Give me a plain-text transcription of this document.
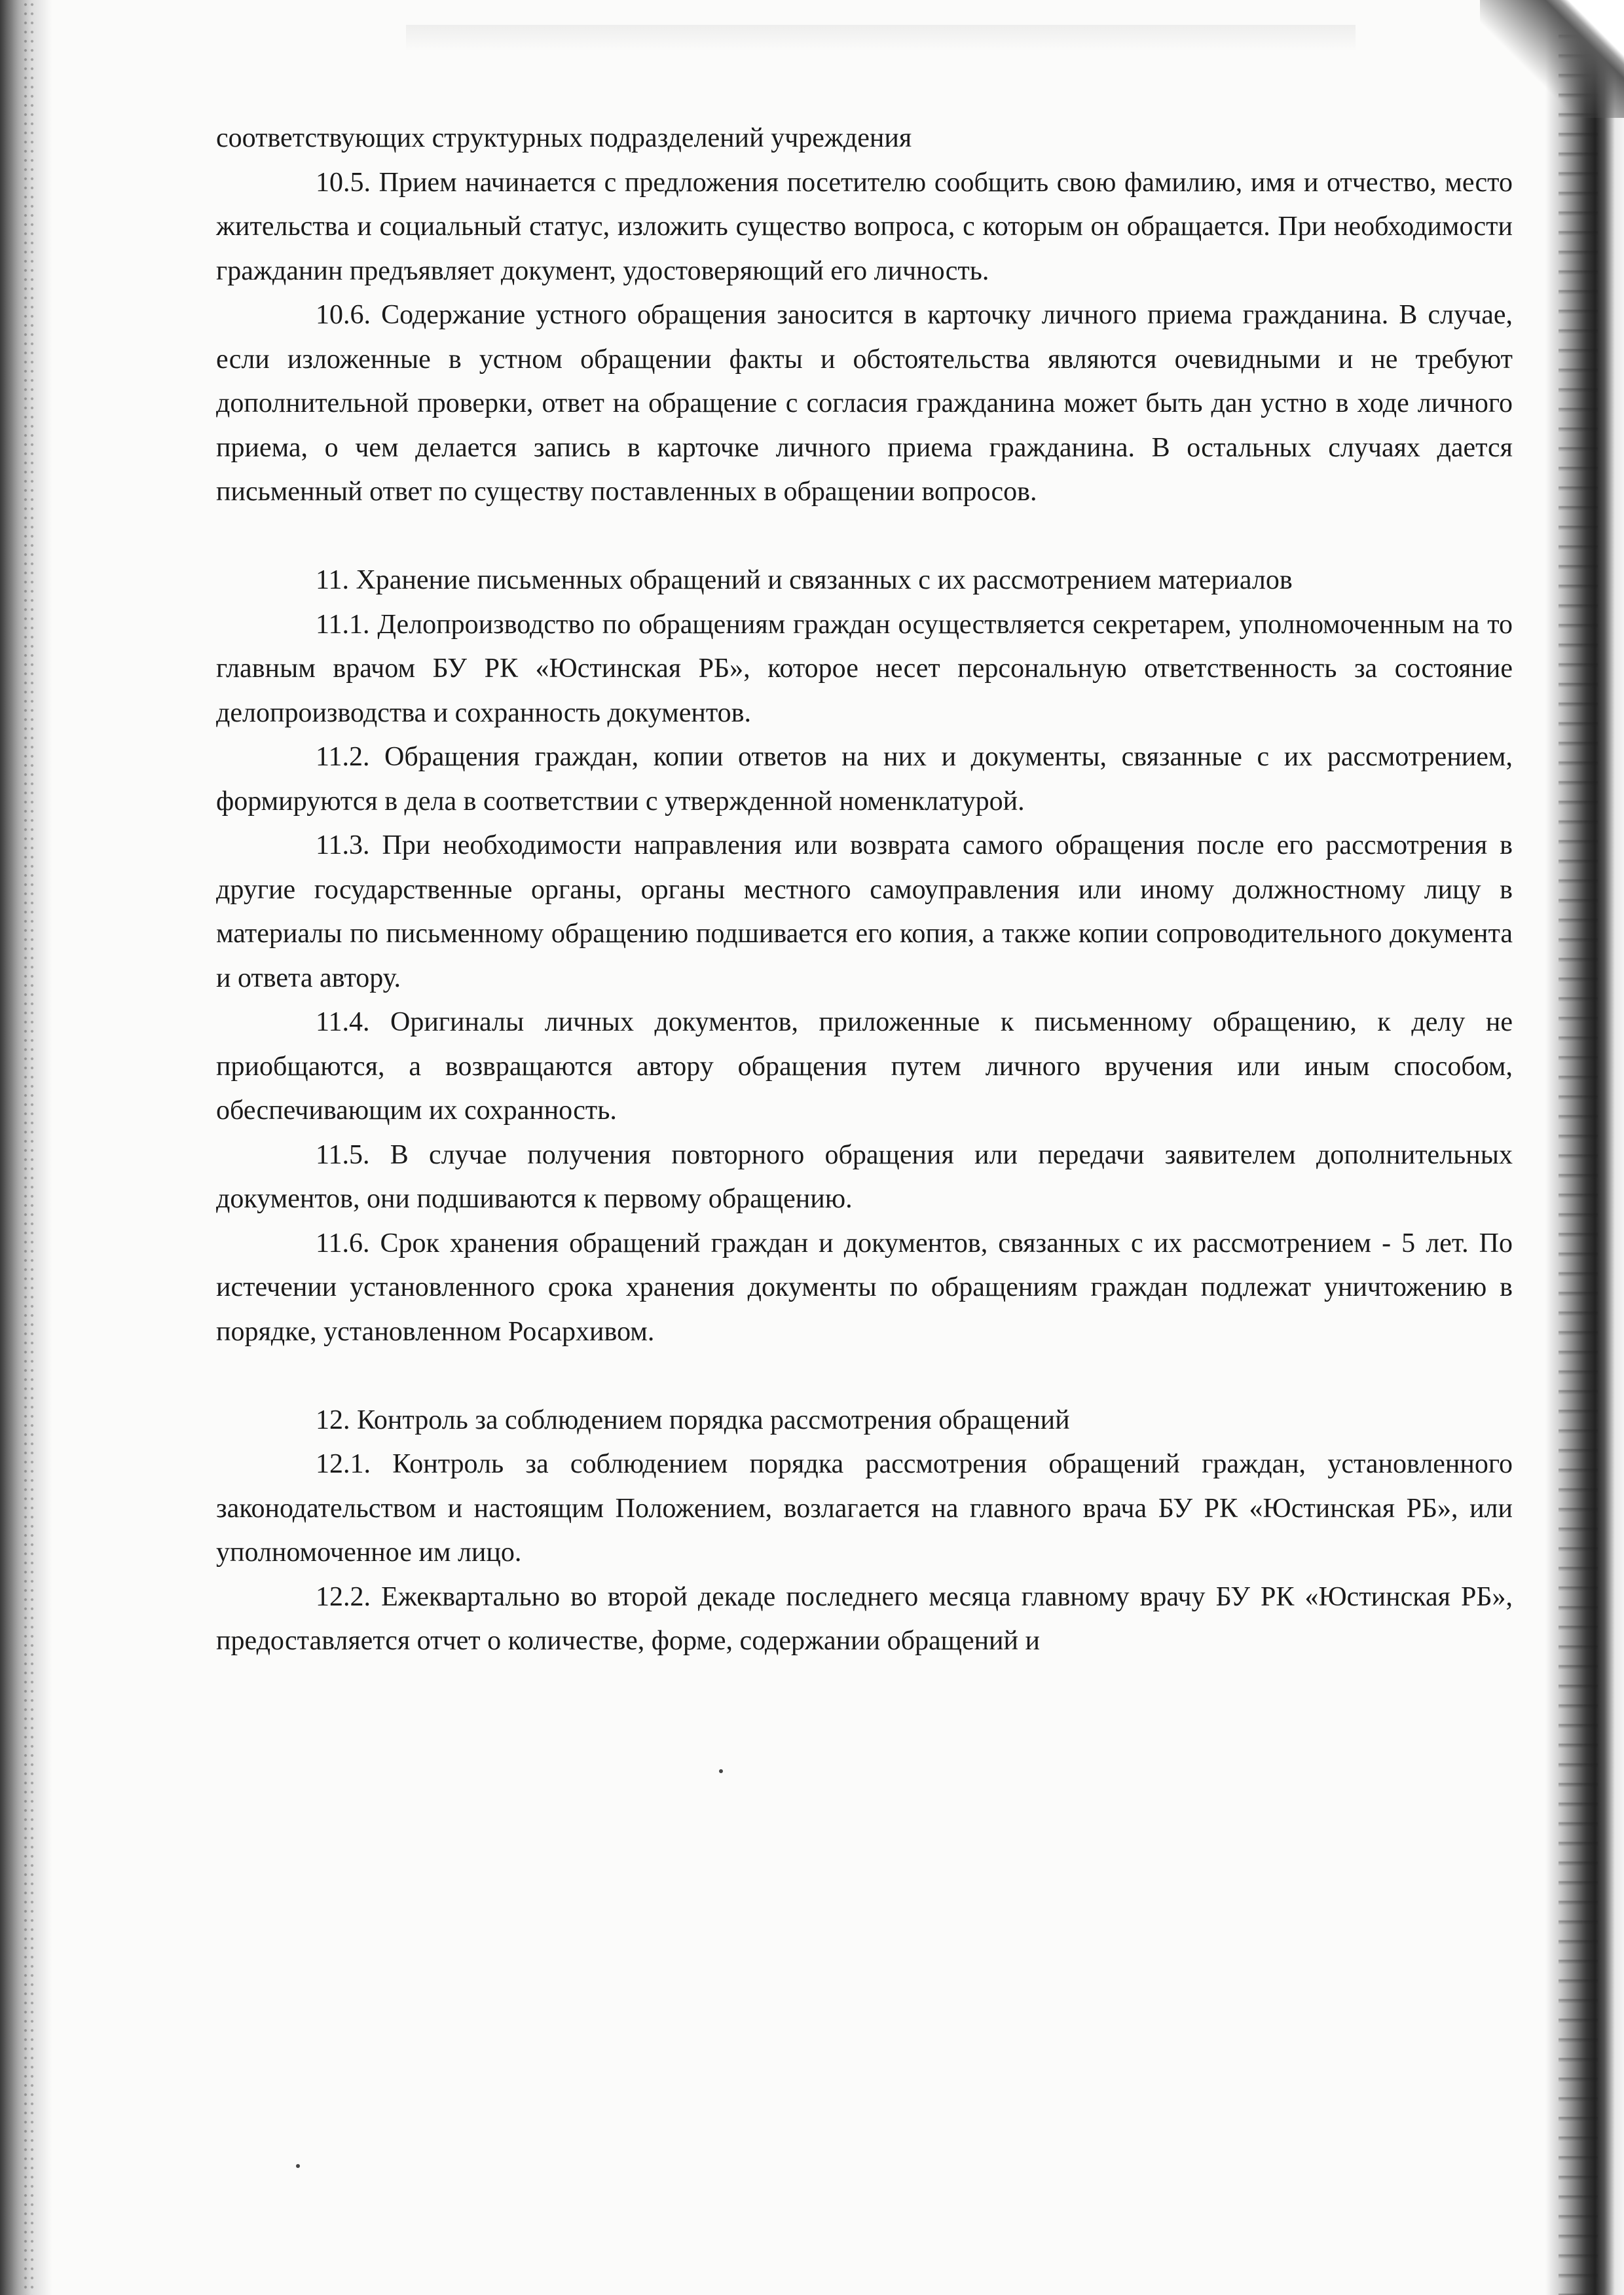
соответствующих структурных подразделений учреждения

10.5. Прием начинается с предложения посетителю сообщить свою фамилию, имя и отчество, место жительства и социальный статус, изложить существо вопроса, с которым он обращается. При необходимости гражданин предъявляет документ, удостоверяющий его личность.

10.6. Содержание устного обращения заносится в карточку личного приема гражданина. В случае, если изложенные в устном обращении факты и обстоятельства являются очевидными и не требуют дополнительной проверки, ответ на обращение с согласия гражданина может быть дан устно в ходе личного приема, о чем делается запись в карточке личного приема гражданина. В остальных случаях дается письменный ответ по существу поставленных в обращении вопросов.

11. Хранение письменных обращений и связанных с их рассмотрением материалов

11.1. Делопроизводство по обращениям граждан осуществляется секретарем, уполномоченным на то главным врачом БУ РК «Юстинская РБ», которое несет персональную ответственность за состояние делопроизводства и сохранность документов.

11.2. Обращения граждан, копии ответов на них и документы, связанные с их рассмотрением, формируются в дела в соответствии с утвержденной номенклатурой.

11.3. При необходимости направления или возврата самого обращения после его рассмотрения в другие государственные органы, органы местного самоуправления или иному должностному лицу в материалы по письменному обращению подшивается его копия, а также копии сопроводительного документа и ответа автору.

11.4. Оригиналы личных документов, приложенные к письменному обращению, к делу не приобщаются, а возвращаются автору обращения путем личного вручения или иным способом, обеспечивающим их сохранность.

11.5. В случае получения повторного обращения или передачи заявителем дополнительных документов, они подшиваются к первому обращению.

11.6. Срок хранения обращений граждан и документов, связанных с их рассмотрением - 5 лет. По истечении установленного срока хранения документы по обращениям граждан подлежат уничтожению в порядке, установленном Росархивом.

12. Контроль за соблюдением порядка рассмотрения обращений

12.1. Контроль за соблюдением порядка рассмотрения обращений граждан, установленного законодательством и настоящим Положением, возлагается на главного врача БУ РК «Юстинская РБ», или уполномоченное им лицо.

12.2. Ежеквартально во второй декаде последнего месяца главному врачу БУ РК «Юстинская РБ», предоставляется отчет о количестве, форме, содержании обращений и
